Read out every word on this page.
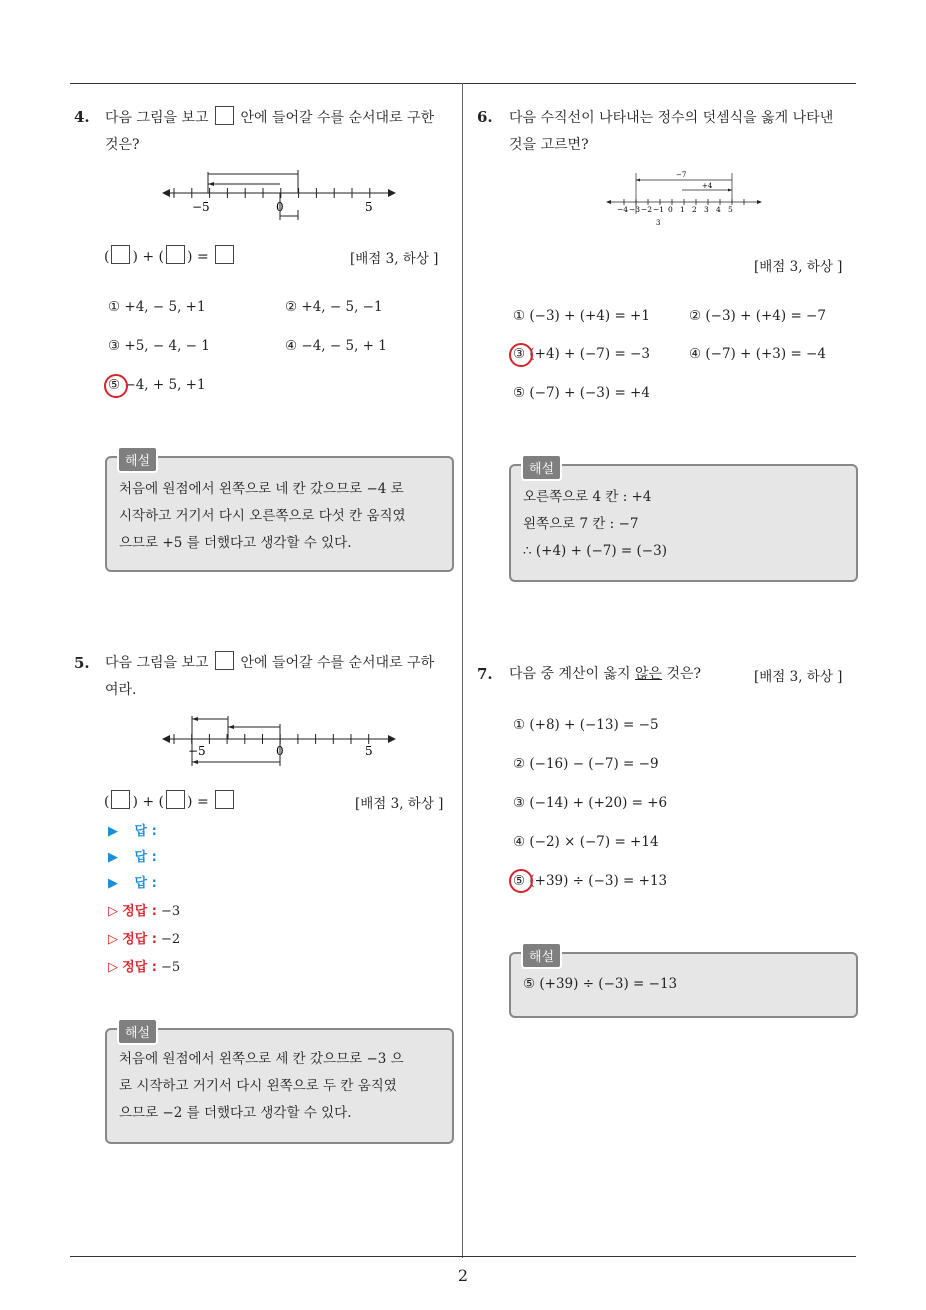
2
4. 다음 그림을 보고 안에 들어갈 수를 순서대로 구한
것은?
−5	0	5
( ) + ( ) =	[배점 3, 하상 ]
① +4, − 5, +1	② +4, − 5, −1
③ +5, − 4, − 1	④ −4, − 5, + 1
⑤ −4, + 5, +1
해설
처음에 원점에서 왼쪽으로 네 칸 갔으므로 −4 로
시작하고 거기서 다시 오른쪽으로 다섯 칸 움직였
으므로 +5 를 더했다고 생각할 수 있다.
5. 다음 그림을 보고 안에 들어갈 수를 순서대로 구하
여라.
−5	0	5
( ) + ( ) =	[배점 3, 하상 ]
▶ 답 :
▶ 답 :
▶ 답 :
▷ 정답 : −3
▷ 정답 : −2
▷ 정답 : −5
해설
처음에 원점에서 왼쪽으로 세 칸 갔으므로 −3 으
로 시작하고 거기서 다시 왼쪽으로 두 칸 움직였
으므로 −2 를 더했다고 생각할 수 있다.
6. 다음 수직선이 나타내는 정수의 덧셈식을 옳게 나타낸
것을 고르면?
−7
+4
3
−4 −3 −2 −1 0 1 2 3 4 5
[배점 3, 하상 ]
① (−3) + (+4) = +1	② (−3) + (+4) = −7
③ (+4) + (−7) = −3	④ (−7) + (+3) = −4
⑤ (−7) + (−3) = +4
해설
오른쪽으로 4 칸 : +4
왼쪽으로 7 칸 : −7
∴ (+4) + (−7) = (−3)
7. 다음 중 계산이 옳지 않은 것은?	[배점 3, 하상 ]
① (+8) + (−13) = −5
② (−16) − (−7) = −9
③ (−14) + (+20) = +6
④ (−2) × (−7) = +14
⑤ (+39) ÷ (−3) = +13
해설
⑤ (+39) ÷ (−3) = −13
